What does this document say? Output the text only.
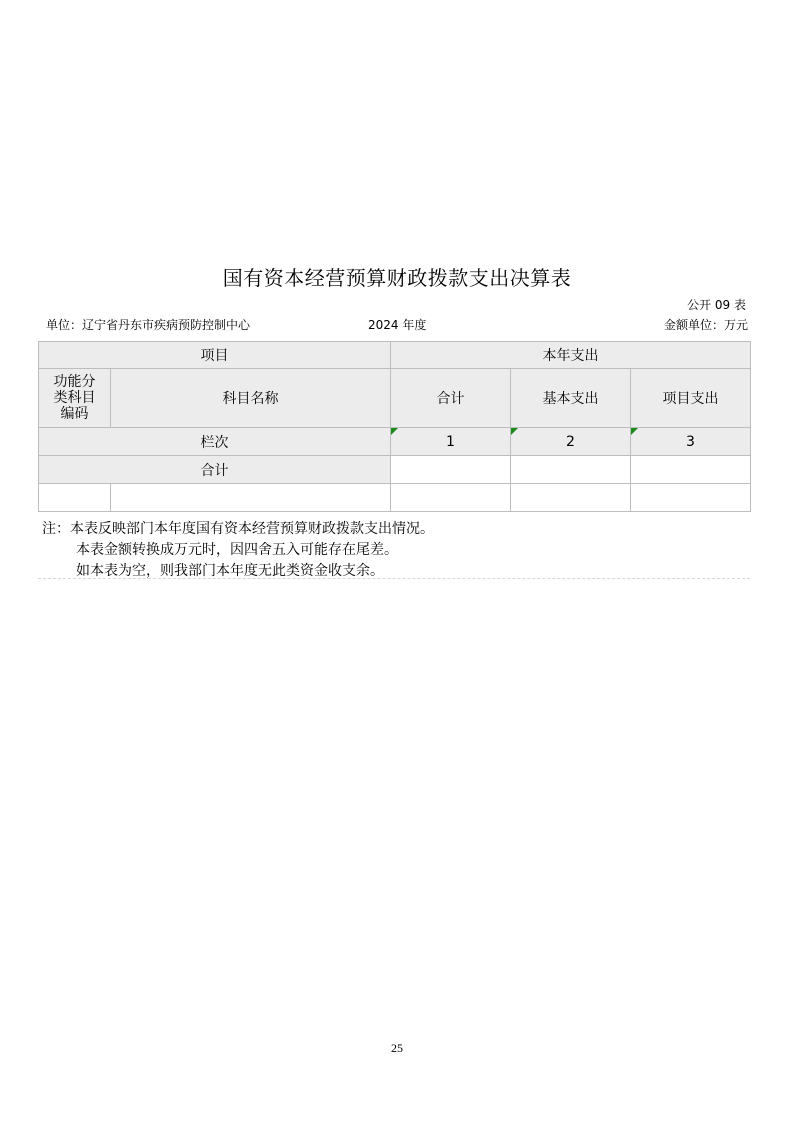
国有资本经营预算财政拨款支出决算表
公开 09 表
单位：辽宁省丹东市疾病预防控制中心	2024 年度	金额单位：万元
项目		本年支出		

功能分
类科目
编码	科目名称	合计	基本支出	项目支出
栏次		1	2	3
合计				

注：本表反映部门本年度国有资本经营预算财政拨款支出情况。
本表金额转换成万元时，因四舍五入可能存在尾差。
如本表为空，则我部门本年度无此类资金收支余。
25
